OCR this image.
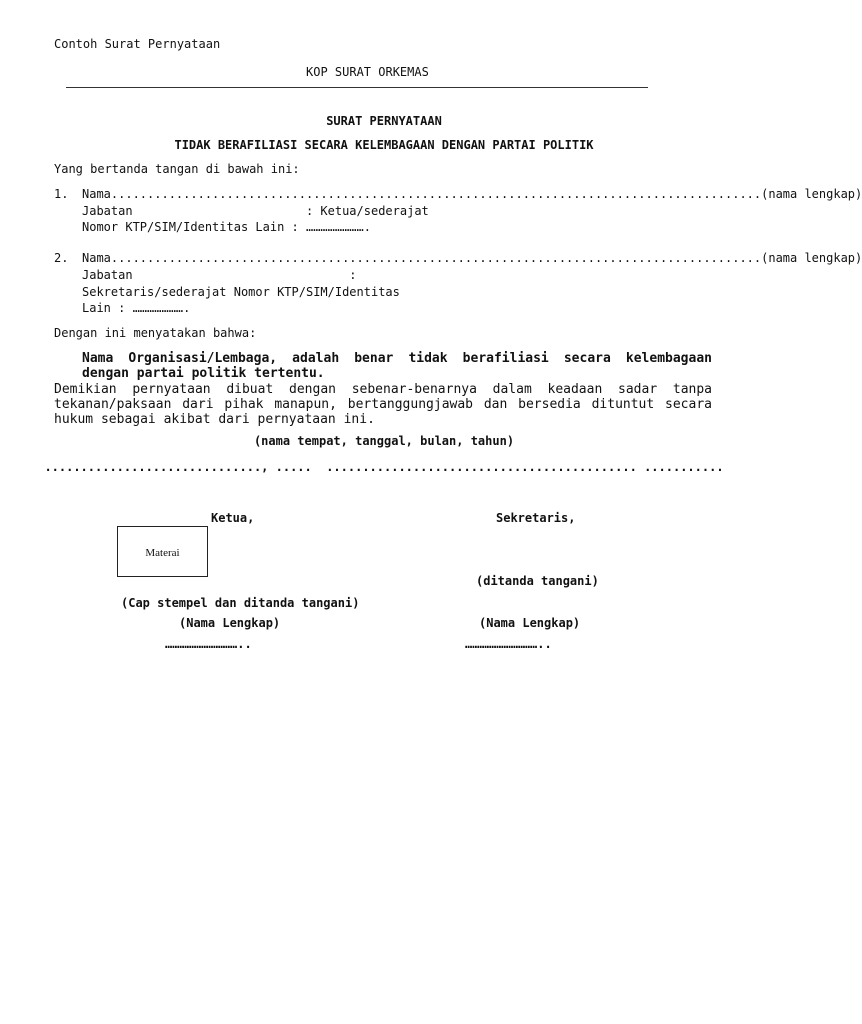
Contoh Surat Pernyataan
KOP SURAT ORKEMAS
SURAT PERNYATAAN
TIDAK BERAFILIASI SECARA KELEMBAGAAN DENGAN PARTAI POLITIK
Yang bertanda tangan di bawah ini:
1. Nama..........................................................................................(nama lengkap)
Jabatan                        : Ketua/sederajat
Nomor KTP/SIM/Identitas Lain : …………………….
2. Nama..........................................................................................(nama lengkap)
Jabatan                              :
Sekretaris/sederajat Nomor KTP/SIM/Identitas
Lain : ………………….
Dengan ini menyatakan bahwa:
Nama Organisasi/Lembaga, adalah benar tidak berafiliasi secara kelembagaan dengan partai politik tertentu.
Demikian pernyataan dibuat dengan sebenar-benarnya dalam keadaan sadar tanpa tekanan/paksaan dari pihak manapun, bertanggungjawab dan bersedia dituntut secara hukum sebagai akibat dari pernyataan ini.
(nama tempat, tanggal, bulan, tahun)
.............................., .....  ........................................... ...........
Ketua,	Sekretaris,
Materai
(ditanda tangani)
(Cap stempel dan ditanda tangani)
(Nama Lengkap)	(Nama Lengkap)
…………………………..	…………………………..
